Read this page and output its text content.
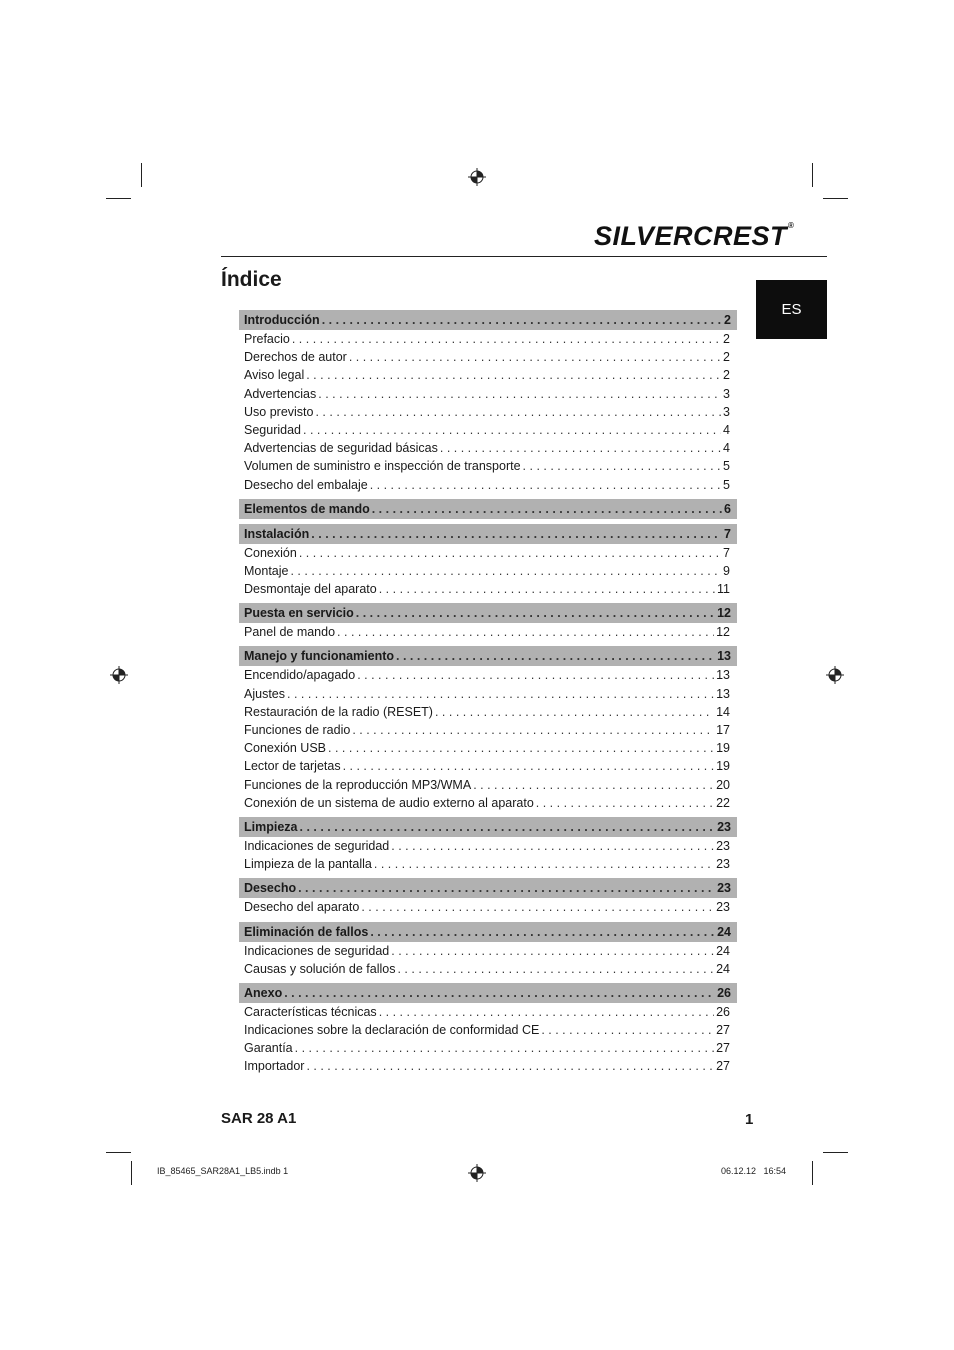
SILVERCREST®
Índice
ES
Introducción . . .	2
Prefacio . . .	2
Derechos de autor . . .	2
Aviso legal . . .	2
Advertencias . . .	3
Uso previsto . . .	3
Seguridad . . .	4
Advertencias de seguridad básicas . . .	4
Volumen de suministro e inspección de transporte . . .	5
Desecho del embalaje . . .	5
Elementos de mando . . .	6
Instalación . . .	7
Conexión . . .	7
Montaje . . .	9
Desmontaje del aparato . . .	11
Puesta en servicio . . .	12
Panel de mando . . .	12
Manejo y funcionamiento . . .	13
Encendido/apagado . . .	13
Ajustes . . .	13
Restauración de la radio (RESET) . . .	14
Funciones de radio . . .	17
Conexión USB . . .	19
Lector de tarjetas . . .	19
Funciones de la reproducción MP3/WMA . . .	20
Conexión de un sistema de audio externo al aparato . . .	22
Limpieza . . .	23
Indicaciones de seguridad . . .	23
Limpieza de la pantalla . . .	23
Desecho . . .	23
Desecho del aparato . . .	23
Eliminación de fallos . . .	24
Indicaciones de seguridad . . .	24
Causas y solución de fallos . . .	24
Anexo . . .	26
Características técnicas . . .	26
Indicaciones sobre la declaración de conformidad CE . . .	27
Garantía . . .	27
Importador . . .	27
SAR 28 A1	1
IB_85465_SAR28A1_LB5.indb 1	06.12.12   16:54
